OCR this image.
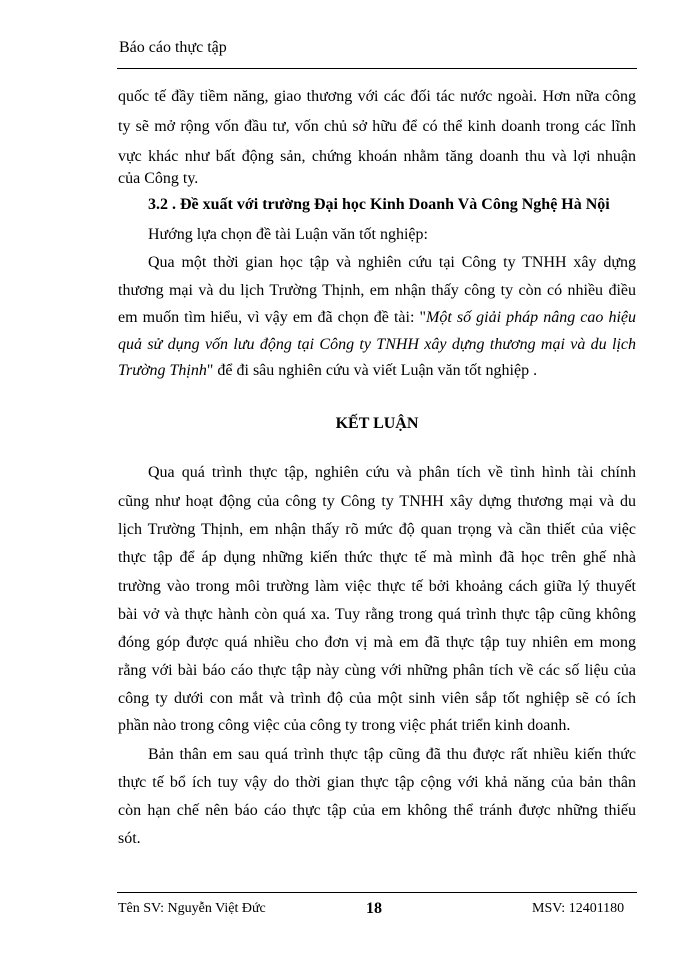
Báo cáo thực tập
quốc tế đầy tiềm năng, giao thương với các đối tác nước ngoài. Hơn nữa công
ty sẽ mở rộng vốn đầu tư, vốn chủ sở hữu để có thể kinh doanh trong các lĩnh
vực khác như bất động sản, chứng khoán nhằm tăng doanh thu và lợi nhuận
của Công ty.
3.2 . Đề xuất với trường Đại học Kinh Doanh Và Công Nghệ Hà Nội
Hướng lựa chọn đề tài Luận văn tốt nghiệp:
Qua một thời gian học tập và nghiên cứu tại Công ty TNHH xây dựng
thương mại và du lịch Trường Thịnh, em nhận thấy công ty còn có nhiều điều
em muốn tìm hiểu, vì vậy em đã chọn đề tài: "Một số giải pháp nâng cao hiệu
quả sử dụng vốn lưu động tại Công ty TNHH xây dựng thương mại và du lịch
Trường Thịnh" để đi sâu nghiên cứu và viết Luận văn tốt nghiệp .
KẾT LUẬN
Qua quá trình thực tập, nghiên cứu và phân tích về tình hình tài chính
cũng như hoạt động của công ty Công ty TNHH xây dựng thương mại và du
lịch Trường Thịnh, em nhận thấy rõ mức độ quan trọng và cần thiết của việc
thực tập để áp dụng những kiến thức thực tế mà mình đã học trên ghế nhà
trường vào trong môi trường làm việc thực tế bởi khoảng cách giữa lý thuyết
bài vở và thực hành còn quá xa. Tuy rằng trong quá trình thực tập cũng không
đóng góp được quá nhiều cho đơn vị mà em đã thực tập tuy nhiên em mong
rằng với bài báo cáo thực tập này cùng với những phân tích về các số liệu của
công ty dưới con mắt và trình độ của một sinh viên sắp tốt nghiệp sẽ có ích
phần nào trong công việc của công ty trong việc phát triển kinh doanh.
Bản thân em sau quá trình thực tập cũng đã thu được rất nhiều kiến thức
thực tế bổ ích tuy vậy do thời gian thực tập cộng với khả năng của bản thân
còn hạn chế nên báo cáo thực tập của em không thể tránh được những thiếu
sót.
Tên SV: Nguyễn Việt Đức	18	MSV: 12401180
